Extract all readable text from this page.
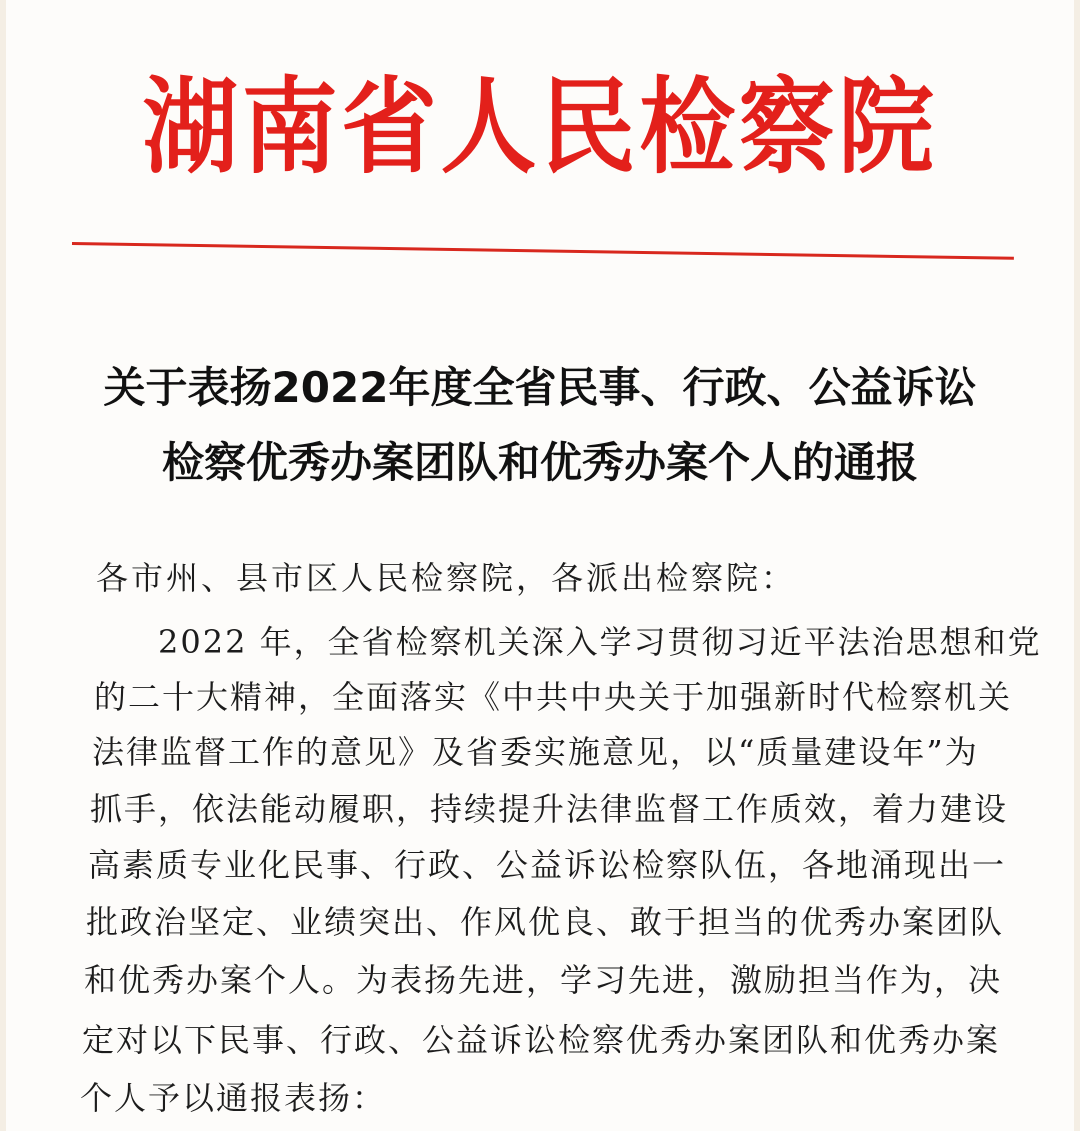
湖南省人民检察院
关于表扬2022年度全省民事、行政、公益诉讼
检察优秀办案团队和优秀办案个人的通报
各市州、县市区人民检察院，各派出检察院：
2022 年，全省检察机关深入学习贯彻习近平法治思想和党
的二十大精神，全面落实《中共中央关于加强新时代检察机关
法律监督工作的意见》及省委实施意见，以“质量建设年”为
抓手，依法能动履职，持续提升法律监督工作质效，着力建设
高素质专业化民事、行政、公益诉讼检察队伍，各地涌现出一
批政治坚定、业绩突出、作风优良、敢于担当的优秀办案团队
和优秀办案个人。为表扬先进，学习先进，激励担当作为，决
定对以下民事、行政、公益诉讼检察优秀办案团队和优秀办案
个人予以通报表扬：
